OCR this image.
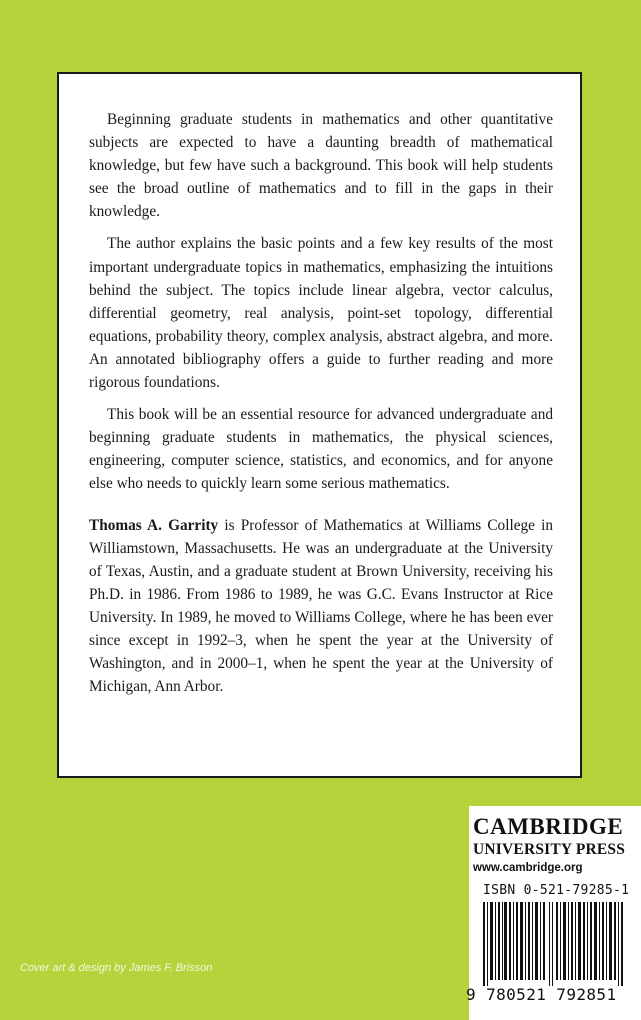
Beginning graduate students in mathematics and other quantitative subjects are expected to have a daunting breadth of mathematical knowledge, but few have such a background. This book will help students see the broad outline of mathematics and to fill in the gaps in their knowledge.

The author explains the basic points and a few key results of the most important undergraduate topics in mathematics, emphasizing the intuitions behind the subject. The topics include linear algebra, vector calculus, differential geometry, real analysis, point-set topology, differential equations, probability theory, complex analysis, abstract algebra, and more. An annotated bibliography offers a guide to further reading and more rigorous foundations.

This book will be an essential resource for advanced undergraduate and beginning graduate students in mathematics, the physical sciences, engineering, computer science, statistics, and economics, and for anyone else who needs to quickly learn some serious mathematics.

Thomas A. Garrity is Professor of Mathematics at Williams College in Williamstown, Massachusetts. He was an undergraduate at the University of Texas, Austin, and a graduate student at Brown University, receiving his Ph.D. in 1986. From 1986 to 1989, he was G.C. Evans Instructor at Rice University. In 1989, he moved to Williams College, where he has been ever since except in 1992–3, when he spent the year at the University of Washington, and in 2000–1, when he spent the year at the University of Michigan, Ann Arbor.

CAMBRIDGE
UNIVERSITY PRESS
www.cambridge.org
ISBN 0-521-79285-1
9 780521 792851
Cover art & design by James F. Brisson
